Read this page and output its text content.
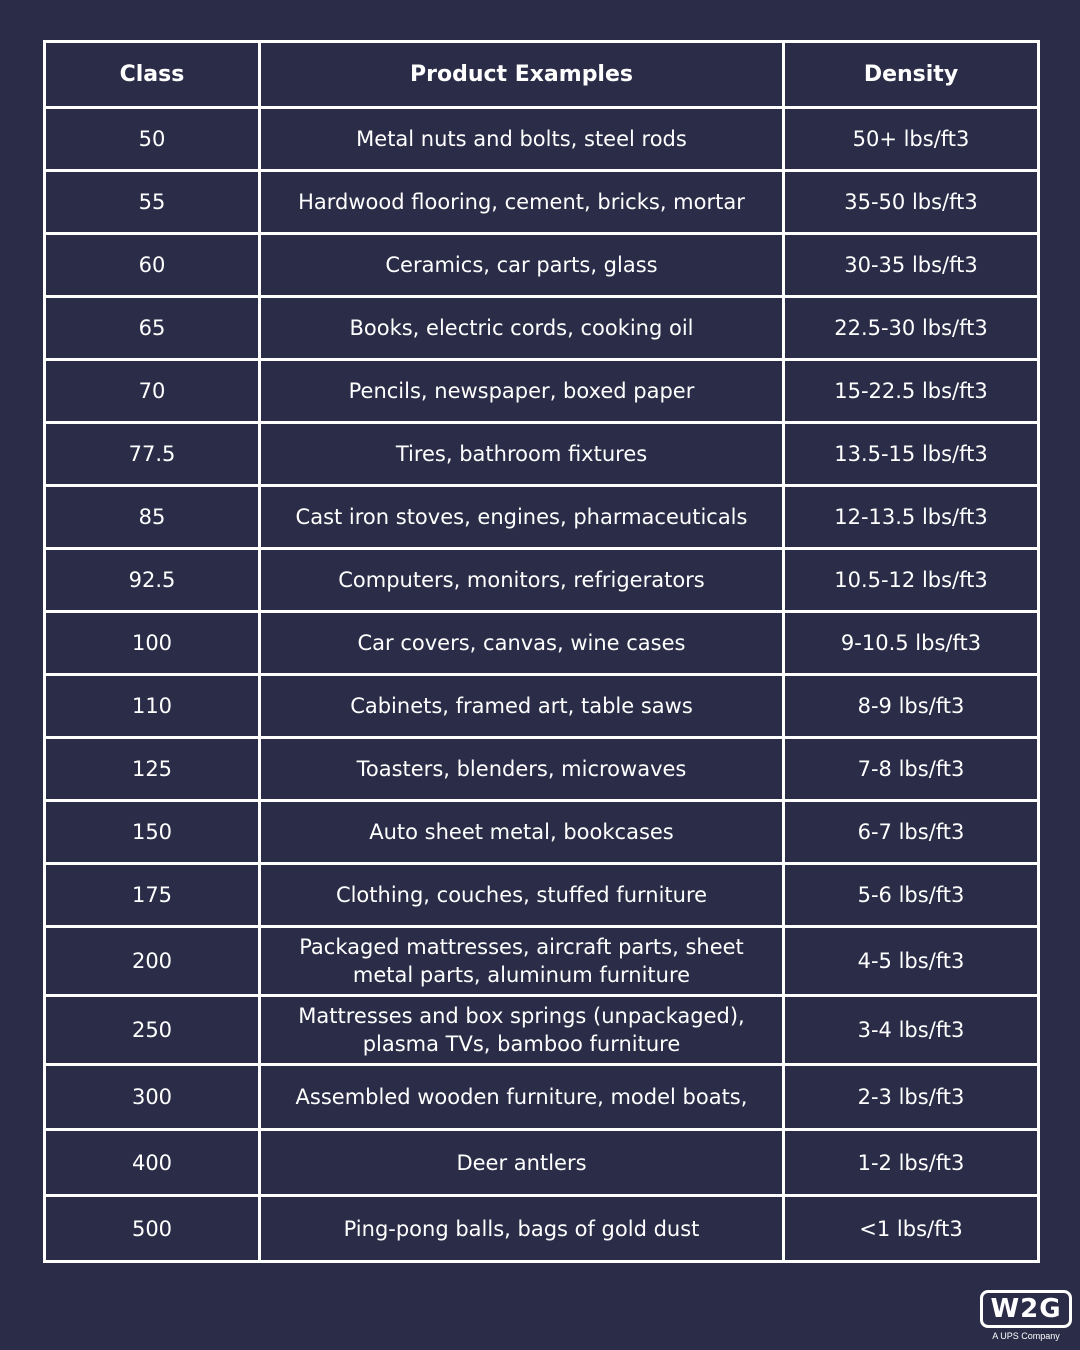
Class	Product Examples	Density
50	Metal nuts and bolts, steel rods	50+ lbs/ft3
55	Hardwood flooring, cement, bricks, mortar	35-50 lbs/ft3
60	Ceramics, car parts, glass	30-35 lbs/ft3
65	Books, electric cords, cooking oil	22.5-30 lbs/ft3
70	Pencils, newspaper, boxed paper	15-22.5 lbs/ft3
77.5	Tires, bathroom fixtures	13.5-15 lbs/ft3
85	Cast iron stoves, engines, pharmaceuticals	12-13.5 lbs/ft3
92.5	Computers, monitors, refrigerators	10.5-12 lbs/ft3
100	Car covers, canvas, wine cases	9-10.5 lbs/ft3
110	Cabinets, framed art, table saws	8-9 lbs/ft3
125	Toasters, blenders, microwaves	7-8 lbs/ft3
150	Auto sheet metal, bookcases	6-7 lbs/ft3
175	Clothing, couches, stuffed furniture	5-6 lbs/ft3
200	Packaged mattresses, aircraft parts, sheet metal parts, aluminum furniture	4-5 lbs/ft3
250	Mattresses and box springs (unpackaged), plasma TVs, bamboo furniture	3-4 lbs/ft3
300	Assembled wooden furniture, model boats,	2-3 lbs/ft3
400	Deer antlers	1-2 lbs/ft3
500	Ping-pong balls, bags of gold dust	<1 lbs/ft3
W2G
A UPS Company
